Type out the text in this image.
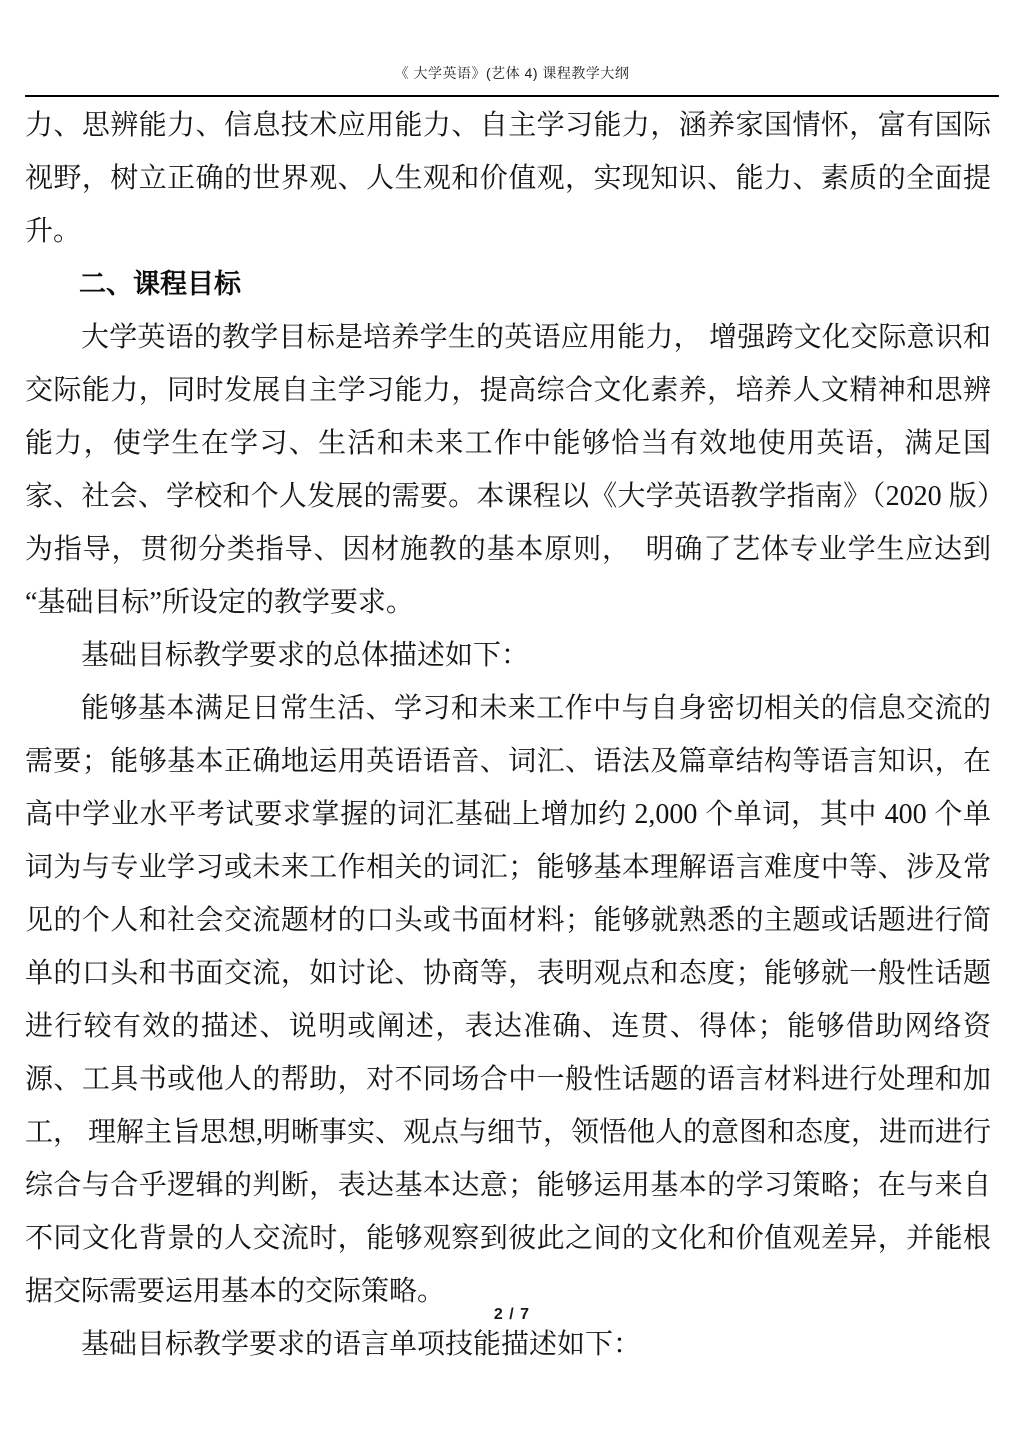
《 大学英语》(艺体 4) 课程教学大纲

力、思辨能力、信息技术应用能力、自主学习能力，涵养家国情怀，富有国际视野，树立正确的世界观、人生观和价值观，实现知识、能力、素质的全面提升。

二、课程目标

大学英语的教学目标是培养学生的英语应用能力， 增强跨文化交际意识和交际能力，同时发展自主学习能力，提高综合文化素养，培养人文精神和思辨能力，使学生在学习、生活和未来工作中能够恰当有效地使用英语，满足国家、社会、学校和个人发展的需要。本课程以《大学英语教学指南》（2020 版）为指导，贯彻分类指导、因材施教的基本原则，　明确了艺体专业学生应达到“基础目标”所设定的教学要求。

基础目标教学要求的总体描述如下：

能够基本满足日常生活、学习和未来工作中与自身密切相关的信息交流的需要；能够基本正确地运用英语语音、词汇、语法及篇章结构等语言知识，在高中学业水平考试要求掌握的词汇基础上增加约 2,000 个单词，其中 400 个单词为与专业学习或未来工作相关的词汇；能够基本理解语言难度中等、涉及常见的个人和社会交流题材的口头或书面材料；能够就熟悉的主题或话题进行简单的口头和书面交流，如讨论、协商等，表明观点和态度；能够就一般性话题进行较有效的描述、说明或阐述，表达准确、连贯、得体；能够借助网络资源、工具书或他人的帮助，对不同场合中一般性话题的语言材料进行处理和加工， 理解主旨思想,明晰事实、观点与细节，领悟他人的意图和态度，进而进行综合与合乎逻辑的判断，表达基本达意；能够运用基本的学习策略；在与来自不同文化背景的人交流时，能够观察到彼此之间的文化和价值观差异，并能根据交际需要运用基本的交际策略。

基础目标教学要求的语言单项技能描述如下：

2 / 7
